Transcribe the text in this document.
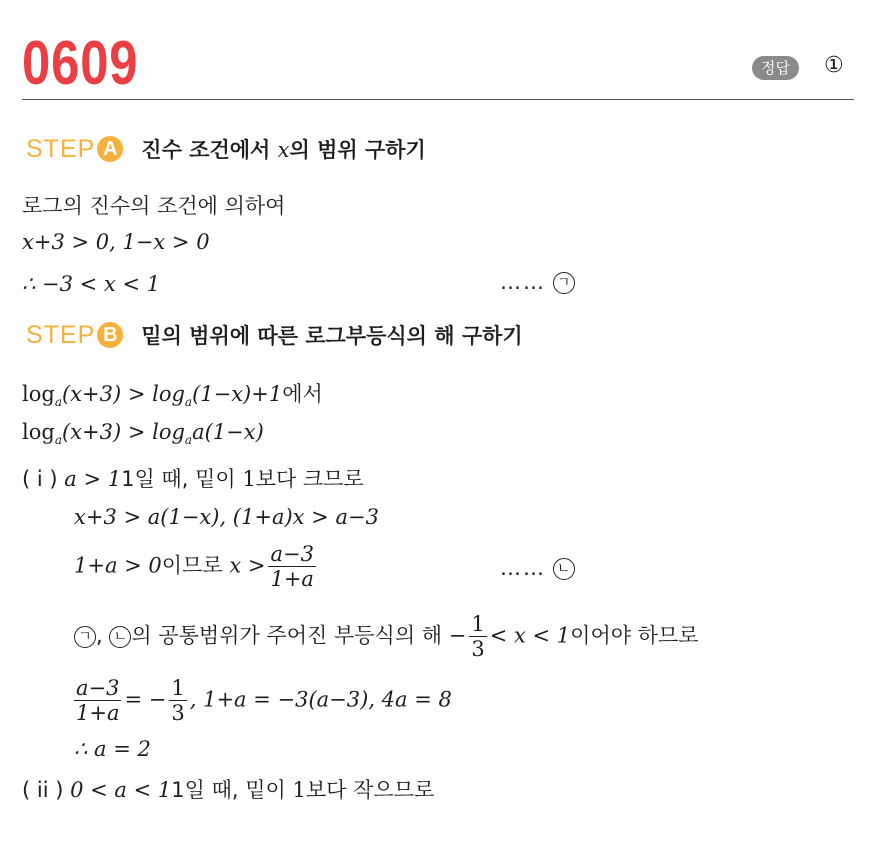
0609	정답	①
STEP A 진수 조건에서 x의 범위 구하기
로그의 진수의 조건에 의하여
x+3 > 0, 1−x > 0
∴ −3 < x < 1	…… ㄱ
STEP B 밑의 범위에 따른 로그부등식의 해 구하기
$\log_a(x+3) > \log_a(1-x)+1$에서
$\log_a(x+3) > \log_aa(1-x)$
( i ) a > 11일 때, 밑이 1보다 크므로
x+3 > a(1−x), (1+a)x > a−3
1+a > 0이므로 $x > \frac{a-3}{1+a}$	…… ㄴ
ㄱ , ㄴ 의 공통범위가 주어진 부등식의 해 − $\frac{1}{3} < x < 1$이어야 하므로
$\frac{a-3}{1+a}$ = − $\frac{1}{3}$ , 1+a = −3(a−3), 4a = 8
∴ a = 2
( ii ) 0 < a < 11일 때, 밑이 1보다 작으므로
